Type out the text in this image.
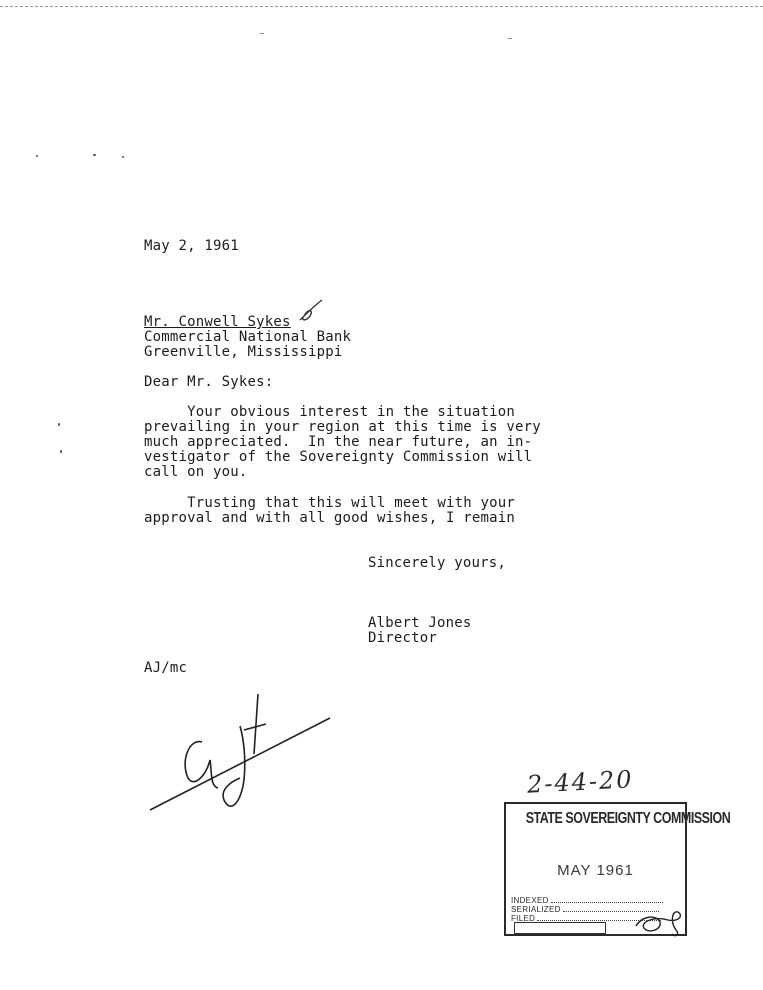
May 2, 1961
Mr. Conwell Sykes
Commercial National Bank
Greenville, Mississippi
Dear Mr. Sykes:
Your obvious interest in the situation
prevailing in your region at this time is very
much appreciated.  In the near future, an in-
vestigator of the Sovereignty Commission will
call on you.
Trusting that this will meet with your
approval and with all good wishes, I remain
Sincerely yours,
Albert Jones
Director
AJ/mc
2-44-20
STATE SOVEREIGNTY COMMISSION
MAY 1961
INDEXED
SERIALIZED
FILED
